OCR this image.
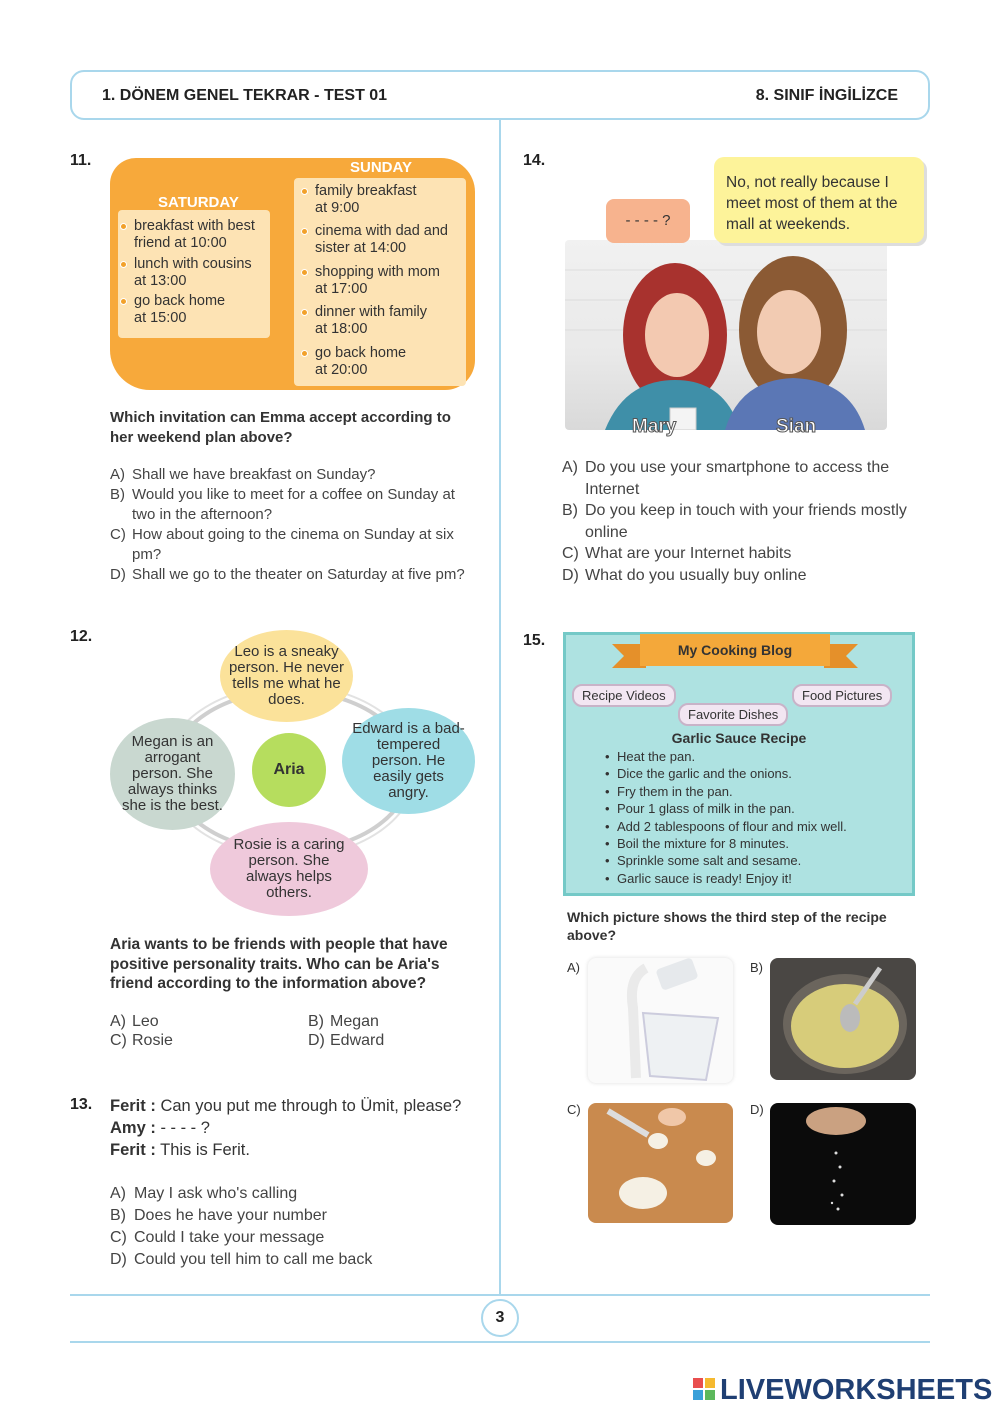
1. DÖNEM GENEL TEKRAR - TEST 01	8. SINIF İNGİLİZCE
3
11.
SATURDAY
SUNDAY
breakfast with best
friend at 10:00
lunch with cousins
at 13:00
go back home
at 15:00
family breakfast
at 9:00
cinema with dad and
sister at 14:00
shopping with mom
at 17:00
dinner with family
at 18:00
go back home
at 20:00
Which invitation can Emma accept according to her weekend plan above?
A) Shall we have breakfast on Sunday?
B) Would you like to meet for a coffee on Sunday at two in the afternoon?
C) How about going to the cinema on Sunday at six pm?
D) Shall we go to the theater on Saturday at five pm?
12.
Leo is a sneaky person. He never tells me what he does.
Megan is an arrogant person. She always thinks she is the best.
Aria
Edward is a bad-tempered person. He easily gets angry.
Rosie is a caring person. She always helps others.
Aria wants to be friends with people that have positive personality traits. Who can be Aria's friend according to the information above?
A) Leo	B) Megan
C) Rosie	D) Edward
13. Ferit : Can you put me through to Ümit, please?
Amy : - - - - ?
Ferit : This is Ferit.
A) May I ask who's calling
B) Does he have your number
C) Could I take your message
D) Could you tell him to call me back
14.
- - - - ?
No, not really because I meet most of them at the mall at weekends.
Mary	Sian
A) Do you use your smartphone to access the Internet
B) Do you keep in touch with your friends mostly online
C) What are your Internet habits
D) What do you usually buy online
15.
My Cooking Blog
Recipe Videos
Favorite Dishes
Food Pictures
Garlic Sauce Recipe
• Heat the pan.
• Dice the garlic and the onions.
• Fry them in the pan.
• Pour 1 glass of milk in the pan.
• Add 2 tablespoons of flour and mix well.
• Boil the mixture for 8 minutes.
• Sprinkle some salt and sesame.
• Garlic sauce is ready! Enjoy it!
Which picture shows the third step of the recipe above?
A)	B)
C)	D)
LIVEWORKSHEETS
